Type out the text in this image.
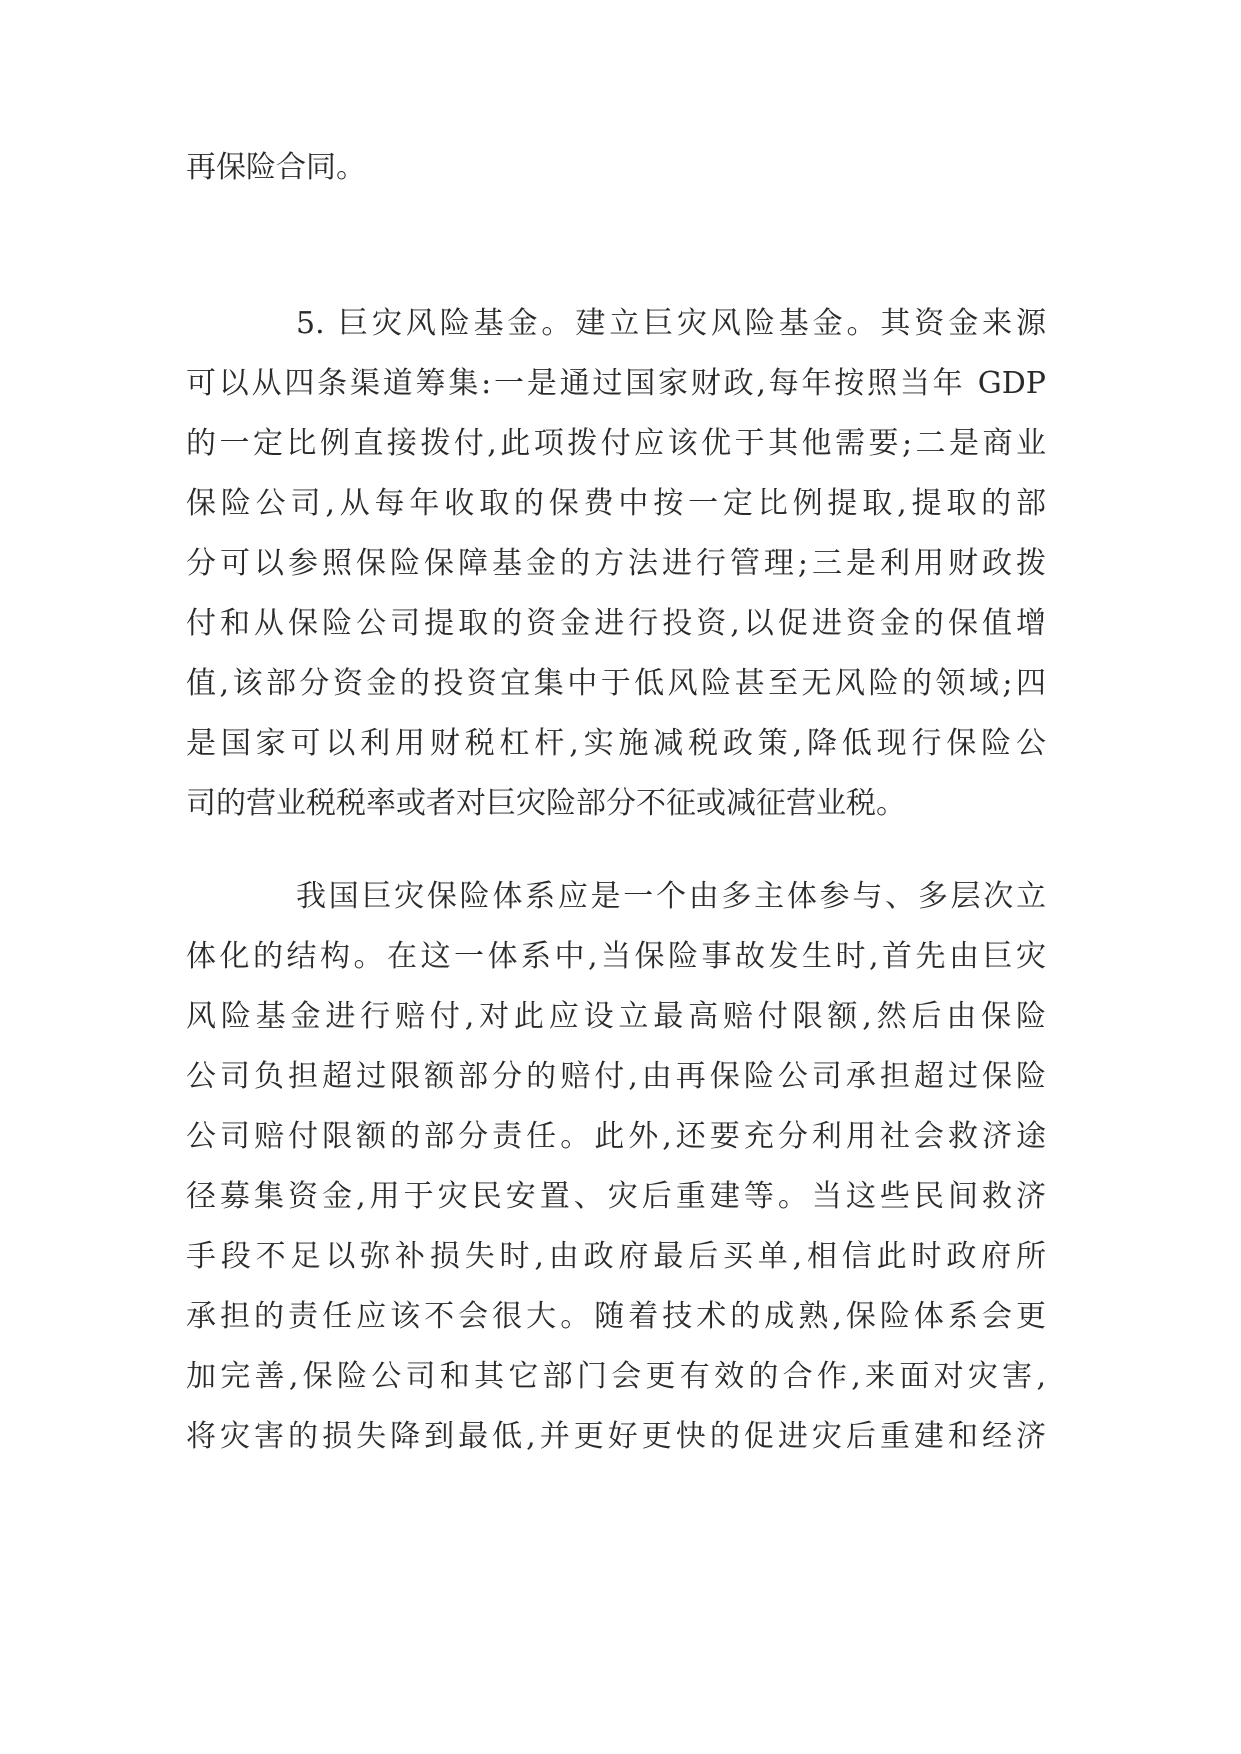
再保险合同。
5. 巨灾风险基金。建立巨灾风险基金。其资金来源
可以从四条渠道筹集:一是通过国家财政,每年按照当年 GDP
的一定比例直接拨付,此项拨付应该优于其他需要;二是商业
保险公司,从每年收取的保费中按一定比例提取,提取的部
分可以参照保险保障基金的方法进行管理;三是利用财政拨
付和从保险公司提取的资金进行投资,以促进资金的保值增
值,该部分资金的投资宜集中于低风险甚至无风险的领域;四
是国家可以利用财税杠杆,实施减税政策,降低现行保险公
司的营业税税率或者对巨灾险部分不征或减征营业税。
我国巨灾保险体系应是一个由多主体参与、多层次立
体化的结构。在这一体系中,当保险事故发生时,首先由巨灾
风险基金进行赔付,对此应设立最高赔付限额,然后由保险
公司负担超过限额部分的赔付,由再保险公司承担超过保险
公司赔付限额的部分责任。此外,还要充分利用社会救济途
径募集资金,用于灾民安置、灾后重建等。当这些民间救济
手段不足以弥补损失时,由政府最后买单,相信此时政府所
承担的责任应该不会很大。随着技术的成熟,保险体系会更
加完善,保险公司和其它部门会更有效的合作,来面对灾害,
将灾害的损失降到最低,并更好更快的促进灾后重建和经济
